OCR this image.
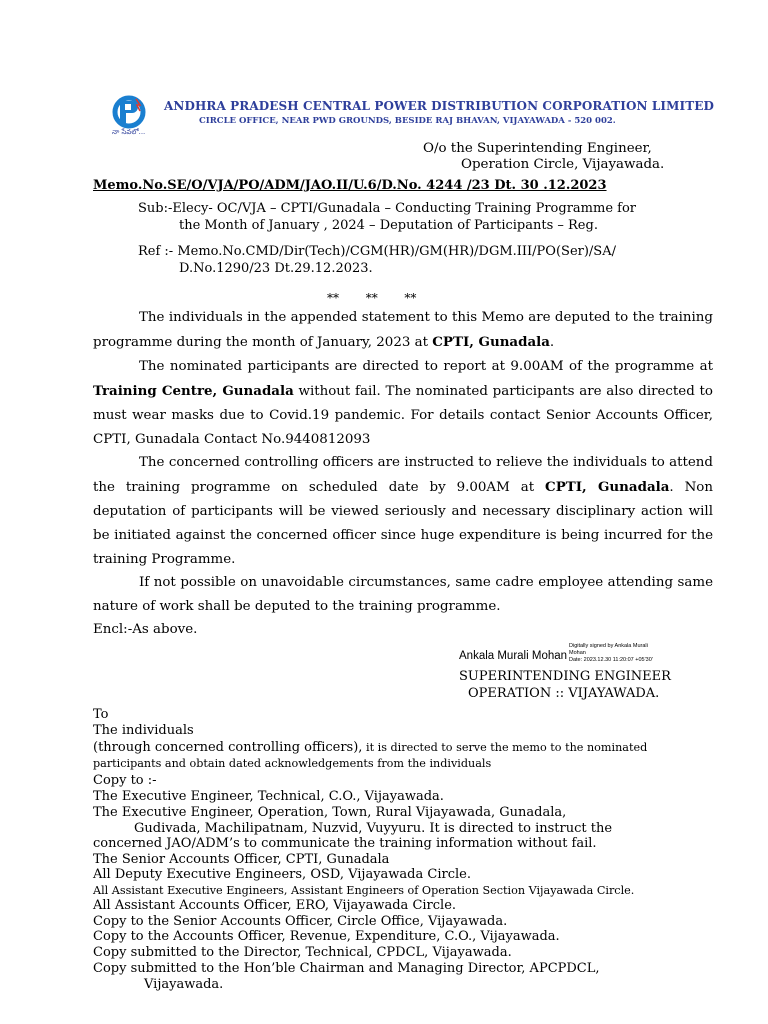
నా సేవలో...
ANDHRA PRADESH CENTRAL POWER DISTRIBUTION CORPORATION LIMITED
CIRCLE OFFICE, NEAR PWD GROUNDS, BESIDE RAJ BHAVAN, VIJAYAWADA - 520 002.
O/o the Superintending Engineer,
Operation Circle, Vijayawada.
Memo.No.SE/O/VJA/PO/ADM/JAO.II/U.6/D.No. 4244 /23 Dt. 30 .12.2023
Sub:-Elecy- OC/VJA – CPTI/Gunadala – Conducting Training Programme for
the Month of January , 2024 – Deputation of Participants – Reg.
Ref :- Memo.No.CMD/Dir(Tech)/CGM(HR)/GM(HR)/DGM.III/PO(Ser)/SA/
D.No.1290/23 Dt.29.12.2023.
**       **       **
The individuals in the appended statement to this Memo are deputed to the training programme during the month of January, 2023 at CPTI, Gunadala.
The nominated participants are directed to report at 9.00AM of the programme at Training Centre, Gunadala without fail. The nominated participants are also directed to must wear masks due to Covid.19 pandemic. For details contact Senior Accounts Officer, CPTI, Gunadala Contact No.9440812093
The concerned controlling officers are instructed to relieve the individuals to attend the training programme on scheduled date by 9.00AM at CPTI, Gunadala. Non deputation of participants will be viewed seriously and necessary disciplinary action will be initiated against the concerned officer since huge expenditure is being incurred for the training Programme.
If not possible on unavoidable circumstances, same cadre employee attending same nature of work shall be deputed to the training programme.
Encl:-As above.
Ankala Murali Mohan
Digitally signed by Ankala Murali
Mohan
Date: 2023.12.30 11:20:07 +05'30'
SUPERINTENDING ENGINEER
OPERATION :: VIJAYAWADA.
To
The individuals
(through concerned controlling officers), it is directed to serve the memo to the nominated
participants and obtain dated acknowledgements from the individuals
Copy to :-
The Executive Engineer, Technical, C.O., Vijayawada.
The Executive Engineer, Operation, Town, Rural Vijayawada, Gunadala,
Gudivada, Machilipatnam, Nuzvid, Vuyyuru. It is directed to instruct the
concerned JAO/ADM’s to communicate the training information without fail.
The Senior Accounts Officer, CPTI, Gunadala
All Deputy Executive Engineers, OSD, Vijayawada Circle.
All Assistant Executive Engineers, Assistant Engineers of Operation Section Vijayawada Circle.
All Assistant Accounts Officer, ERO, Vijayawada Circle.
Copy to the Senior Accounts Officer, Circle Office, Vijayawada.
Copy to the Accounts Officer, Revenue, Expenditure, C.O., Vijayawada.
Copy submitted to the Director, Technical, CPDCL, Vijayawada.
Copy submitted to the Hon’ble Chairman and Managing Director, APCPDCL,
Vijayawada.
